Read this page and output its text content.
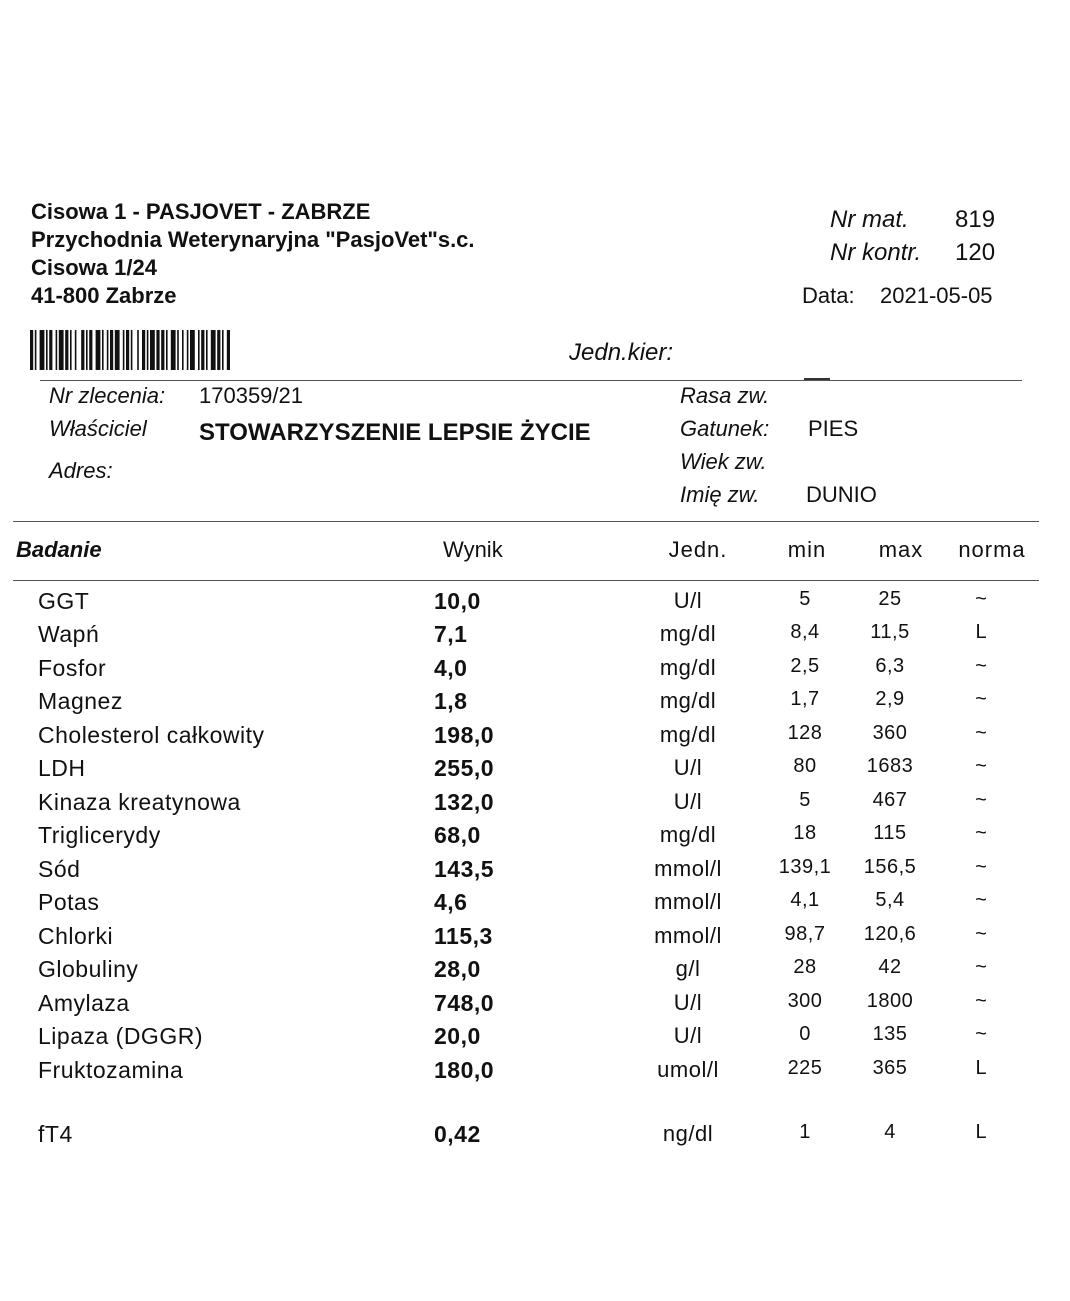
Cisowa 1 - PASJOVET - ZABRZE
Przychodnia Weterynaryjna "PasjoVet"s.c.
Cisowa 1/24
41-800 Zabrze
Nr mat. 819
Nr kontr. 120
Data: 2021-05-05
Jedn.kier:
Nr zlecenia: 170359/21
Właściciel STOWARZYSZENIE LEPSIE ŻYCIE
Adres:
Rasa zw.
Gatunek: PIES
Wiek zw.
Imię zw. DUNIO
Badanie	Wynik	Jedn.	min	max	norma
GGT	10,0	U/l	5	25	~
Wapń	7,1	mg/dl	8,4	11,5	L
Fosfor	4,0	mg/dl	2,5	6,3	~
Magnez	1,8	mg/dl	1,7	2,9	~
Cholesterol całkowity	198,0	mg/dl	128	360	~
LDH	255,0	U/l	80	1683	~
Kinaza kreatynowa	132,0	U/l	5	467	~
Triglicerydy	68,0	mg/dl	18	115	~
Sód	143,5	mmol/l	139,1	156,5	~
Potas	4,6	mmol/l	4,1	5,4	~
Chlorki	115,3	mmol/l	98,7	120,6	~
Globuliny	28,0	g/l	28	42	~
Amylaza	748,0	U/l	300	1800	~
Lipaza (DGGR)	20,0	U/l	0	135	~
Fruktozamina	180,0	umol/l	225	365	L
fT4	0,42	ng/dl	1	4	L
